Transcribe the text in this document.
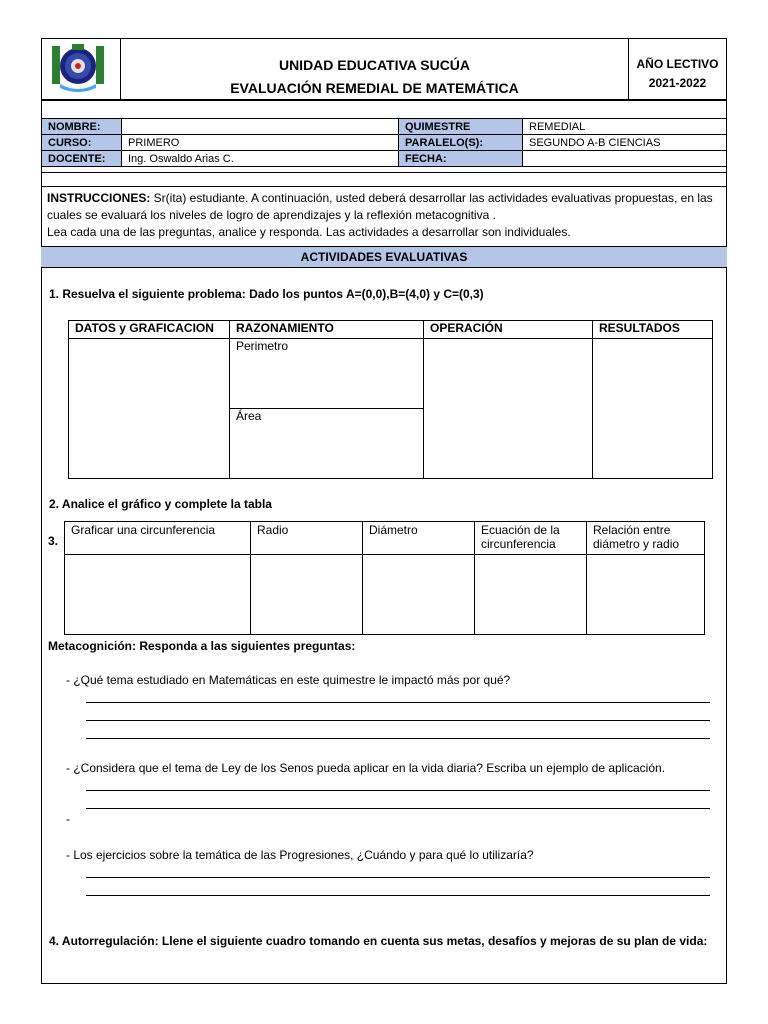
UNIDAD EDUCATIVA SUCÚA
EVALUACIÓN REMEDIAL DE MATEMÁTICA
AÑO LECTIVO
2021-2022
NOMBRE:		QUIMESTRE	REMEDIAL
CURSO:	PRIMERO	PARALELO(S):	SEGUNDO A-B CIENCIAS
DOCENTE:	Ing. Oswaldo Arias C.	FECHA:	
INSTRUCCIONES: Sr(ita) estudiante. A continuación, usted deberá desarrollar las actividades evaluativas propuestas, en las cuales se evaluará los niveles de logro de aprendizajes y la reflexión metacognitiva .
Lea cada una de las preguntas, analice y responda. Las actividades a desarrollar son individuales.
ACTIVIDADES EVALUATIVAS
1. Resuelva el siguiente problema: Dado los puntos A=(0,0),B=(4,0) y C=(0,3)
DATOS y GRAFICACION	RAZONAMIENTO	OPERACIÓN	RESULTADOS
	Perimetro		
	Área		
2. Analice el gráfico y complete la tabla
3.
Graficar una circunferencia	Radio	Diámetro	Ecuación de la circunferencia	Relación entre diámetro y radio

Metacognición: Responda a las siguientes preguntas:
- ¿Qué tema estudiado en Matemáticas en este quimestre le impactó más por qué?
- ¿Considera que el tema de Ley de los Senos pueda aplicar en la vida diaria? Escriba un ejemplo de aplicación.
-
- Los ejercicios sobre la temática de las Progresiones, ¿Cuándo y para qué lo utilizaría?
4. Autorregulación: Llene el siguiente cuadro tomando en cuenta sus metas, desafíos y mejoras de su plan de vida:
